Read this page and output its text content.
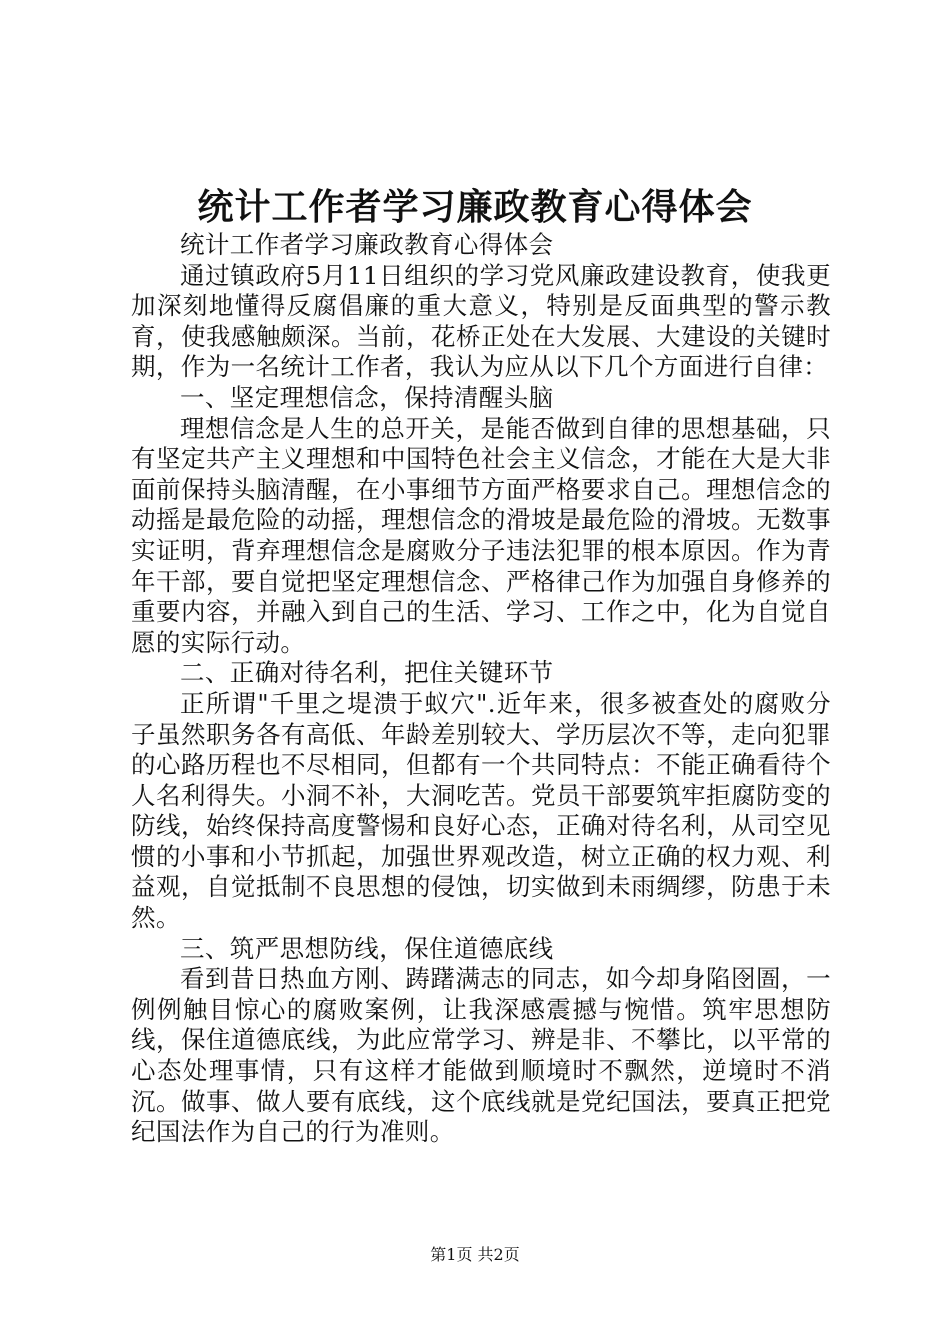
统计工作者学习廉政教育心得体会

统计工作者学习廉政教育心得体会

通过镇政府5月11日组织的学习党风廉政建设教育，使我更加深刻地懂得反腐倡廉的重大意义，特别是反面典型的警示教育，使我感触颇深。当前，花桥正处在大发展、大建设的关键时期，作为一名统计工作者，我认为应从以下几个方面进行自律：

一、坚定理想信念，保持清醒头脑

理想信念是人生的总开关，是能否做到自律的思想基础，只有坚定共产主义理想和中国特色社会主义信念，才能在大是大非面前保持头脑清醒，在小事细节方面严格要求自己。理想信念的动摇是最危险的动摇，理想信念的滑坡是最危险的滑坡。无数事实证明，背弃理想信念是腐败分子违法犯罪的根本原因。作为青年干部，要自觉把坚定理想信念、严格律己作为加强自身修养的重要内容，并融入到自己的生活、学习、工作之中，化为自觉自愿的实际行动。

二、正确对待名利，把住关键环节

正所谓"千里之堤溃于蚁穴".近年来，很多被查处的腐败分子虽然职务各有高低、年龄差别较大、学历层次不等，走向犯罪的心路历程也不尽相同，但都有一个共同特点：不能正确看待个人名利得失。小洞不补，大洞吃苦。党员干部要筑牢拒腐防变的防线，始终保持高度警惕和良好心态，正确对待名利，从司空见惯的小事和小节抓起，加强世界观改造，树立正确的权力观、利益观，自觉抵制不良思想的侵蚀，切实做到未雨绸缪，防患于未然。

三、筑严思想防线，保住道德底线

看到昔日热血方刚、踌躇满志的同志，如今却身陷囹圄，一例例触目惊心的腐败案例，让我深感震撼与惋惜。筑牢思想防线，保住道德底线，为此应常学习、辨是非、不攀比，以平常的心态处理事情，只有这样才能做到顺境时不飘然，逆境时不消沉。做事、做人要有底线，这个底线就是党纪国法，要真正把党纪国法作为自己的行为准则。

第1页 共2页
